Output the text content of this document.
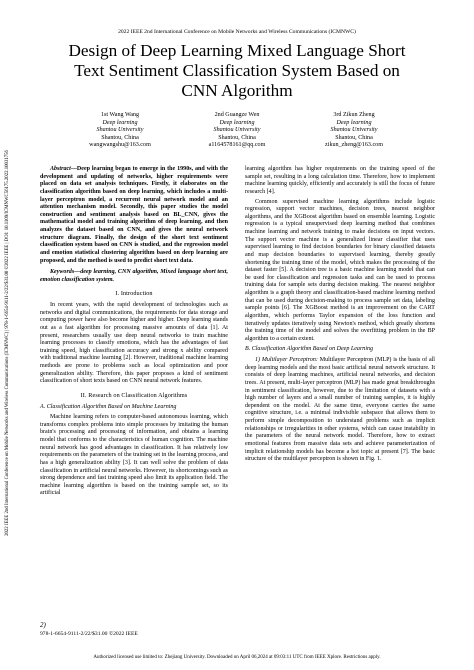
2022 IEEE 2nd International Conference on Mobile Networks and Wireless Communications (ICMNWC)
2022 IEEE 2nd International Conference on Mobile Networks and Wireless Communications (ICMNWC) | 978-1-6654-9111-2/22/$31.00 ©2022 IEEE | DOI: 10.1109/ICMNWC56175.2022.10031756
Design of Deep Learning Mixed Language Short
Text Sentiment Classification System Based on
CNN Algorithm
1st Wang Wang
Deep learning
Shantou University
Shantou, China
wangwangshu@163.com
2nd Guangze Wen
Deep learning
Shantou University
Shantou, China
a1164578161@qq.com
3rd Zikun Zheng
Deep learning
Shantou University
Shantou, China
zikun_zheng@163.com

Abstract—Deep learning began to emerge in the 1990s, and with the development and updating of networks, higher requirements were placed on data set analysis techniques. Firstly, it elaborates on the classification algorithm based on deep learning, which includes a multi-layer perceptron model, a recurrent neural network model and an attention mechanism model. Secondly, this paper studies the model construction and sentiment analysis based on BL_CNN, gives the mathematical model and training algorithm of deep learning, and then analyzes the dataset based on CNN, and gives the neural network structure diagram. Finally, the design of the short text sentiment classification system based on CNN is studied, and the regression model and emotion statistical clustering algorithm based on deep learning are proposed, and the method is used to predict short text data.

Keywords—deep learning, CNN algorithm, Mixed language short text, emotion classification system.

I. Introduction

In recent years, with the rapid development of technologies such as networks and digital communications, the requirements for data storage and computing power have also become higher and higher. Deep learning stands out as a fast algorithm for processing massive amounts of data [1]. At present, researchers usually use deep neural networks to train machine learning processes to classify emotions, which has the advantages of fast training speed, high classification accuracy and strong x ability compared with traditional machine learning [2]. However, traditional machine learning methods are prone to problems such as local optimization and poor generalization ability. Therefore, this paper proposes a kind of sentiment classification of short texts based on CNN neural network features.

II. Research on Classification Algorithms

A. Classification Algorithm Based on Machine Learning

Machine learning refers to computer-based autonomous learning, which transforms complex problems into simple processes by imitating the human brain's processing and processing of information, and obtains a learning model that conforms to the characteristics of human cognition. The machine neural network has good advantages in classification. It has relatively low requirements on the parameters of the training set in the learning process, and has a high generalization ability [3]. It can well solve the problem of data classification in artificial neural networks. However, its shortcomings such as strong dependence and fast training speed also limit its application field. The machine learning algorithm is based on the training sample set, so its artificial

learning algorithm has higher requirements on the training speed of the sample set, resulting in a long calculation time. Therefore, how to implement machine learning quickly, efficiently and accurately is still the focus of future research [4].

Common supervised machine learning algorithms include logistic regression, support vector machines, decision trees, nearest neighbor algorithms, and the XGBoost algorithm based on ensemble learning. Logistic regression is a typical unsupervised deep learning method that combines machine learning and network training to make decisions on input vectors. The support vector machine is a generalized linear classifier that uses supervised learning to find decision boundaries for binary classified datasets and map decision boundaries to supervised learning, thereby greatly shortening the training time of the model, which makes the processing of the dataset faster [5]. A decision tree is a basic machine learning model that can be used for classification and regression tasks and can be used to process training data for sample sets during decision making. The nearest neighbor algorithm is a graph theory and classification-based machine learning method that can be used during decision-making to process sample set data, labeling sample points [6]. The XGBoost method is an improvement on the CART algorithm, which performs Taylor expansion of the loss function and iteratively updates iteratively using Newton's method, which greatly shortens the training time of the model and solves the overfitting problem in the BP algorithm to a certain extent.

B. Classification Algorithm Based on Deep Learning

1) Multilayer Perceptron: Multilayer Perceptron (MLP) is the basis of all deep learning models and the most basic artificial neural network structure. It consists of deep learning machines, artificial neural networks, and decision trees. At present, multi-layer perceptron (MLP) has made great breakthroughs in sentiment classification, however, due to the limitation of datasets with a high number of layers and a small number of training samples, it is highly dependent on the model. At the same time, everyone carries the same cognitive structure, i.e. a minimal indivisible subspace that allows them to perform simple decomposition to understand problems such as implicit relationships or irregularities in other systems, which can cause instability in the parameters of the neural network model. Therefore, how to extract emotional features from massive data sets and achieve parameterization of implicit relationship models has become a hot topic at present [7]. The basic structure of the multilayer perceptron is shown in Fig. 1.

2)
978-1-6654-9111-2/22/$31.00 ©2022 IEEE
Authorized licensed use limited to: Zhejiang University. Downloaded on April 06,2024 at 09:03:11 UTC from IEEE Xplore. Restrictions apply.
